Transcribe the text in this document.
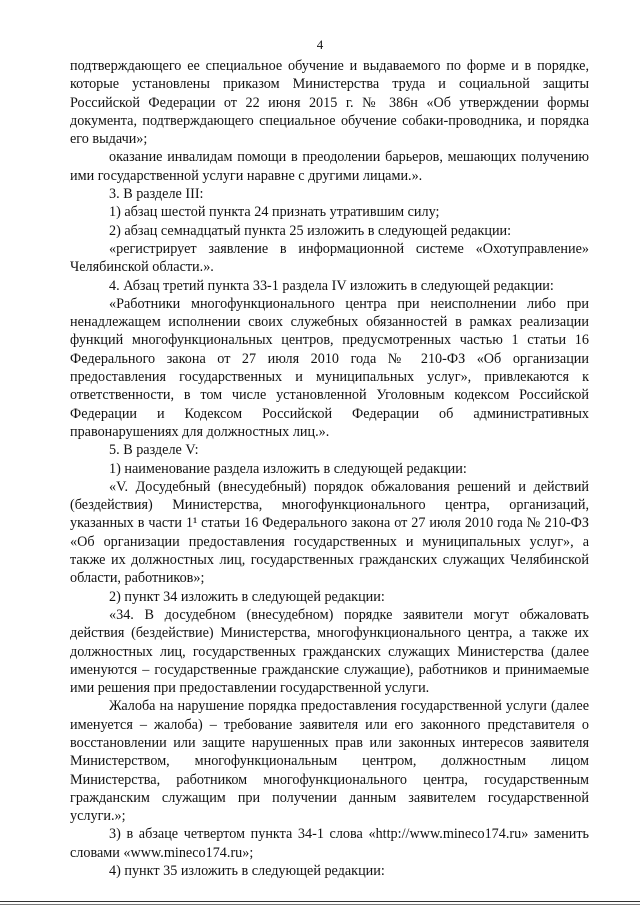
4

подтверждающего ее специальное обучение и выдаваемого по форме и в порядке, которые установлены приказом Министерства труда и социальной защиты Российской Федерации от 22 июня 2015 г. № 386н «Об утверждении формы документа, подтверждающего специальное обучение собаки-проводника, и порядка его выдачи»;

оказание инвалидам помощи в преодолении барьеров, мешающих получению ими государственной услуги наравне с другими лицами.».

3. В разделе III:

1) абзац шестой пункта 24 признать утратившим силу;

2) абзац семнадцатый пункта 25 изложить в следующей редакции:

«регистрирует заявление в информационной системе «Охотуправление» Челябинской области.».

4. Абзац третий пункта 33-1 раздела IV изложить в следующей редакции:

«Работники многофункционального центра при неисполнении либо при ненадлежащем исполнении своих служебных обязанностей в рамках реализации функций многофункциональных центров, предусмотренных частью 1 статьи 16 Федерального закона от 27 июля 2010 года № 210-ФЗ «Об организации предоставления государственных и муниципальных услуг», привлекаются к ответственности, в том числе установленной Уголовным кодексом Российской Федерации и Кодексом Российской Федерации об административных правонарушениях для должностных лиц.».

5. В разделе V:

1) наименование раздела изложить в следующей редакции:

«V. Досудебный (внесудебный) порядок обжалования решений и действий (бездействия) Министерства, многофункционального центра, организаций, указанных в части 1¹ статьи 16 Федерального закона от 27 июля 2010 года № 210-ФЗ «Об организации предоставления государственных и муниципальных услуг», а также их должностных лиц, государственных гражданских служащих Челябинской области, работников»;

2) пункт 34 изложить в следующей редакции:

«34. В досудебном (внесудебном) порядке заявители могут обжаловать действия (бездействие) Министерства, многофункционального центра, а также их должностных лиц, государственных гражданских служащих Министерства (далее именуются – государственные гражданские служащие), работников и принимаемые ими решения при предоставлении государственной услуги.

Жалоба на нарушение порядка предоставления государственной услуги (далее именуется – жалоба) – требование заявителя или его законного представителя о восстановлении или защите нарушенных прав или законных интересов заявителя Министерством, многофункциональным центром, должностным лицом Министерства, работником многофункционального центра, государственным гражданским служащим при получении данным заявителем государственной услуги.»;

3) в абзаце четвертом пункта 34-1 слова «http://www.mineco174.ru» заменить словами «www.mineco174.ru»;

4) пункт 35 изложить в следующей редакции:
